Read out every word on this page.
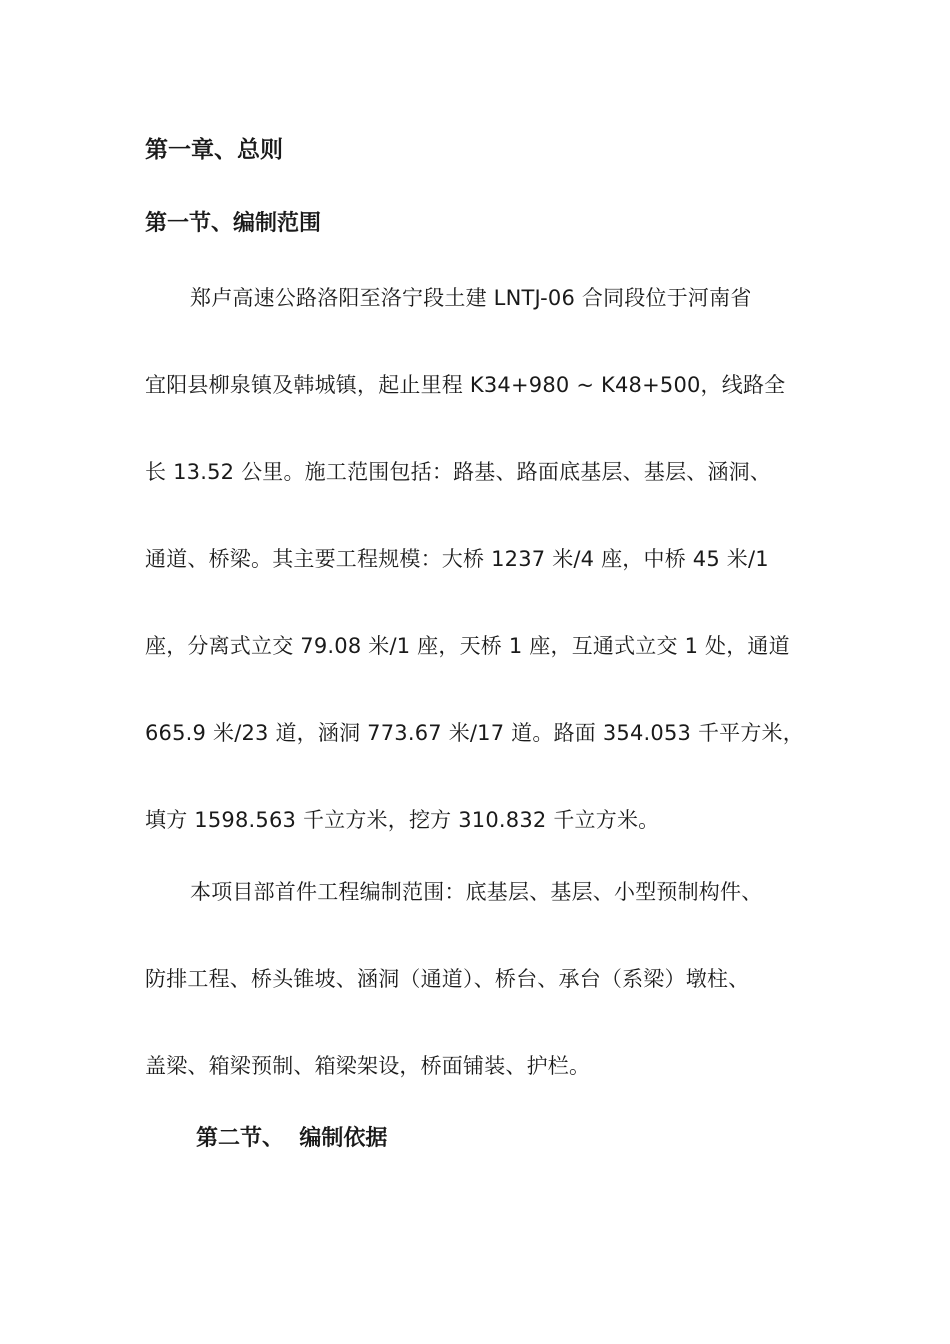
第一章、总则
第一节、编制范围
郑卢高速公路洛阳至洛宁段土建 LNTJ-06 合同段位于河南省
宜阳县柳泉镇及韩城镇，起止里程 K34+980 ~ K48+500，线路全
长 13.52 公里。施工范围包括：路基、路面底基层、基层、涵洞、
通道、桥梁。其主要工程规模：大桥 1237 米/4 座，中桥 45 米/1
座，分离式立交 79.08 米/1 座，天桥 1 座，互通式立交 1 处，通道
665.9 米/23 道，涵洞 773.67 米/17 道。路面 354.053 千平方米，
填方 1598.563 千立方米，挖方 310.832 千立方米。
本项目部首件工程编制范围：底基层、基层、小型预制构件、
防排工程、桥头锥坡、涵洞（通道）、桥台、承台（系梁）墩柱、
盖梁、箱梁预制、箱梁架设，桥面铺装、护栏。
第二节、  编制依据
